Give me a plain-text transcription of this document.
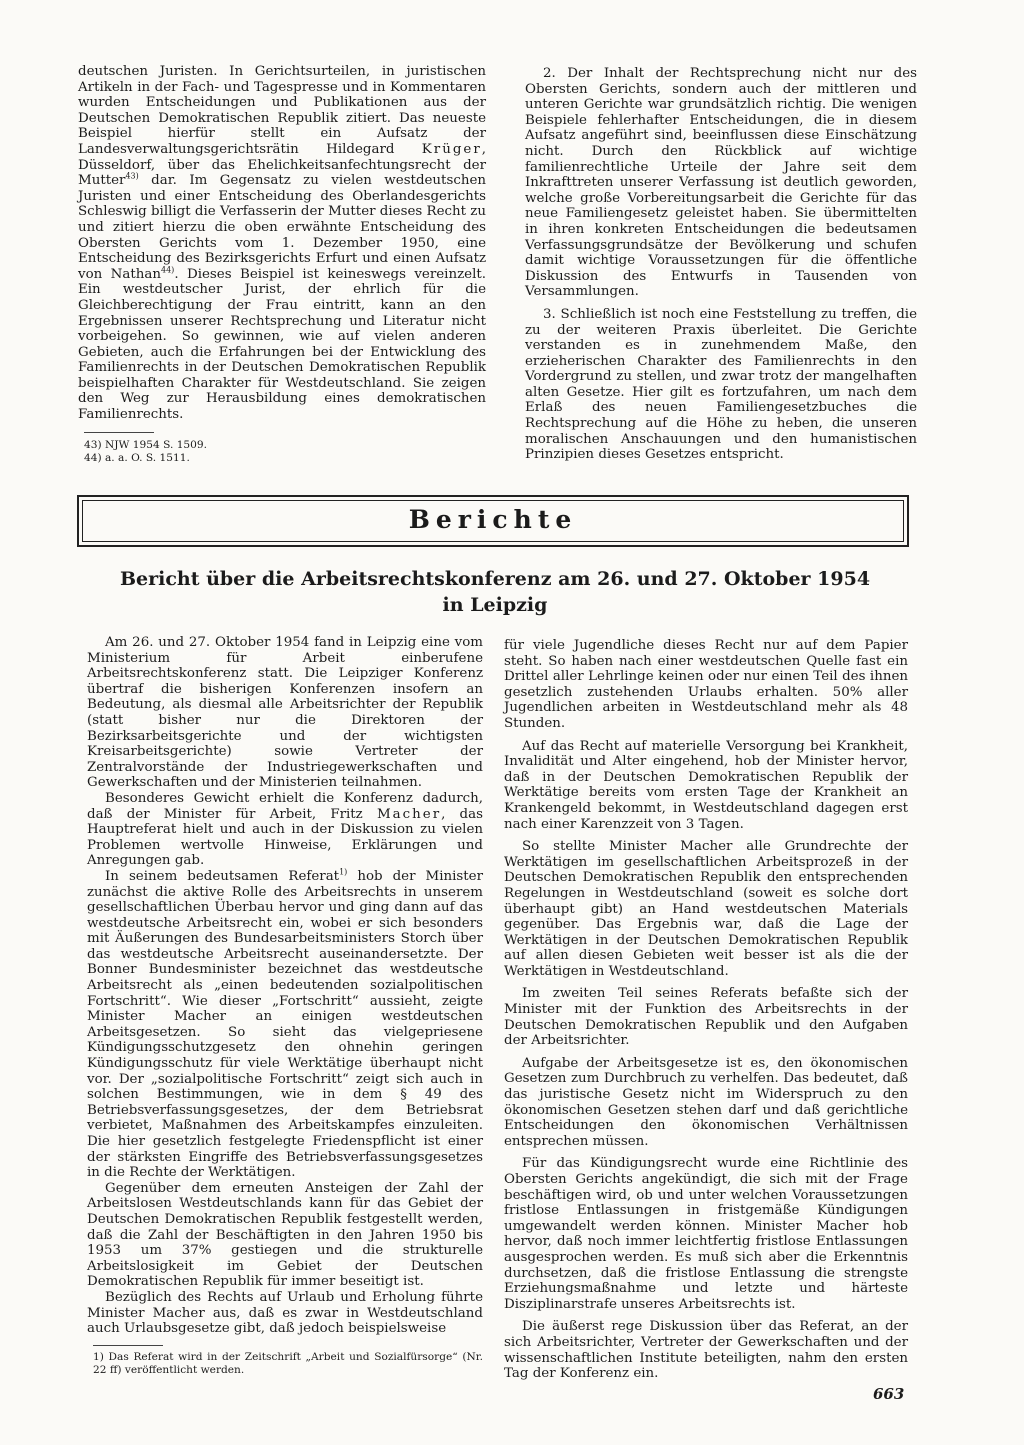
deutschen Juristen. In Gerichtsurteilen, in juristischen Artikeln in der Fach- und Tagespresse und in Kommentaren wurden Entscheidungen und Publikationen aus der Deutschen Demokratischen Republik zitiert. Das neueste Beispiel hierfür stellt ein Aufsatz der Landesverwaltungsgerichtsrätin Hildegard Krüger, Düsseldorf, über das Ehelichkeitsanfechtungsrecht der Mutter$^{43)}$ dar. Im Gegensatz zu vielen westdeutschen Juristen und einer Entscheidung des Oberlandesgerichts Schleswig billigt die Verfasserin der Mutter dieses Recht zu und zitiert hierzu die oben erwähnte Entscheidung des Obersten Gerichts vom 1. Dezember 1950, eine Entscheidung des Bezirksgerichts Erfurt und einen Aufsatz von Nathan$^{44)}$. Dieses Beispiel ist keineswegs vereinzelt. Ein westdeutscher Jurist, der ehrlich für die Gleichberechtigung der Frau eintritt, kann an den Ergebnissen unserer Rechtsprechung und Literatur nicht vorbeigehen. So gewinnen, wie auf vielen anderen Gebieten, auch die Erfahrungen bei der Entwicklung des Familienrechts in der Deutschen Demokratischen Republik beispielhaften Charakter für Westdeutschland. Sie zeigen den Weg zur Herausbildung eines demokratischen Familienrechts.

43) NJW 1954 S. 1509.

44) a. a. O. S. 1511.

2. Der Inhalt der Rechtsprechung nicht nur des Obersten Gerichts, sondern auch der mittleren und unteren Gerichte war grundsätzlich richtig. Die wenigen Beispiele fehlerhafter Entscheidungen, die in diesem Aufsatz angeführt sind, beeinflussen diese Einschätzung nicht. Durch den Rückblick auf wichtige familienrechtliche Urteile der Jahre seit dem Inkrafttreten unserer Verfassung ist deutlich geworden, welche große Vorbereitungsarbeit die Gerichte für das neue Familiengesetz geleistet haben. Sie übermittelten in ihren konkreten Entscheidungen die bedeutsamen Verfassungsgrundsätze der Bevölkerung und schufen damit wichtige Voraussetzungen für die öffentliche Diskussion des Entwurfs in Tausenden von Versammlungen.

3. Schließlich ist noch eine Feststellung zu treffen, die zu der weiteren Praxis überleitet. Die Gerichte verstanden es in zunehmendem Maße, den erzieherischen Charakter des Familienrechts in den Vordergrund zu stellen, und zwar trotz der mangelhaften alten Gesetze. Hier gilt es fortzufahren, um nach dem Erlaß des neuen Familiengesetzbuches die Rechtsprechung auf die Höhe zu heben, die unseren moralischen Anschauungen und den humanistischen Prinzipien dieses Gesetzes entspricht.

Berichte
Bericht über die Arbeitsrechtskonferenz am 26. und 27. Oktober 1954
in Leipzig

Am 26. und 27. Oktober 1954 fand in Leipzig eine vom Ministerium für Arbeit einberufene Arbeitsrechtskonferenz statt. Die Leipziger Konferenz übertraf die bisherigen Konferenzen insofern an Bedeutung, als diesmal alle Arbeitsrichter der Republik (statt bisher nur die Direktoren der Bezirksarbeitsgerichte und der wichtigsten Kreisarbeitsgerichte) sowie Vertreter der Zentralvorstände der Industriegewerkschaften und Gewerkschaften und der Ministerien teilnahmen.

Besonderes Gewicht erhielt die Konferenz dadurch, daß der Minister für Arbeit, Fritz Macher, das Hauptreferat hielt und auch in der Diskussion zu vielen Problemen wertvolle Hinweise, Erklärungen und Anregungen gab.

In seinem bedeutsamen Referat$^{1)}$ hob der Minister zunächst die aktive Rolle des Arbeitsrechts in unserem gesellschaftlichen Überbau hervor und ging dann auf das westdeutsche Arbeitsrecht ein, wobei er sich besonders mit Äußerungen des Bundesarbeitsministers Storch über das westdeutsche Arbeitsrecht auseinandersetzte. Der Bonner Bundesminister bezeichnet das westdeutsche Arbeitsrecht als „einen bedeutenden sozialpolitischen Fortschritt“. Wie dieser „Fortschritt“ aussieht, zeigte Minister Macher an einigen westdeutschen Arbeitsgesetzen. So sieht das vielgepriesene Kündigungsschutzgesetz den ohnehin geringen Kündigungsschutz für viele Werktätige überhaupt nicht vor. Der „sozialpolitische Fortschritt“ zeigt sich auch in solchen Bestimmungen, wie in dem § 49 des Betriebsverfassungsgesetzes, der dem Betriebsrat verbietet, Maßnahmen des Arbeitskampfes einzuleiten. Die hier gesetzlich festgelegte Friedenspflicht ist einer der stärksten Eingriffe des Betriebsverfassungsgesetzes in die Rechte der Werktätigen.

Gegenüber dem erneuten Ansteigen der Zahl der Arbeitslosen Westdeutschlands kann für das Gebiet der Deutschen Demokratischen Republik festgestellt werden, daß die Zahl der Beschäftigten in den Jahren 1950 bis 1953 um 37% gestiegen und die strukturelle Arbeitslosigkeit im Gebiet der Deutschen Demokratischen Republik für immer beseitigt ist.

Bezüglich des Rechts auf Urlaub und Erholung führte Minister Macher aus, daß es zwar in Westdeutschland auch Urlaubsgesetze gibt, daß jedoch beispielsweise

1) Das Referat wird in der Zeitschrift „Arbeit und Sozialfürsorge“ (Nr. 22 ff) veröffentlicht werden.

für viele Jugendliche dieses Recht nur auf dem Papier steht. So haben nach einer westdeutschen Quelle fast ein Drittel aller Lehrlinge keinen oder nur einen Teil des ihnen gesetzlich zustehenden Urlaubs erhalten. 50% aller Jugendlichen arbeiten in Westdeutschland mehr als 48 Stunden.

Auf das Recht auf materielle Versorgung bei Krankheit, Invalidität und Alter eingehend, hob der Minister hervor, daß in der Deutschen Demokratischen Republik der Werktätige bereits vom ersten Tage der Krankheit an Krankengeld bekommt, in Westdeutschland dagegen erst nach einer Karenzzeit von 3 Tagen.

So stellte Minister Macher alle Grundrechte der Werktätigen im gesellschaftlichen Arbeitsprozeß in der Deutschen Demokratischen Republik den entsprechenden Regelungen in Westdeutschland (soweit es solche dort überhaupt gibt) an Hand westdeutschen Materials gegenüber. Das Ergebnis war, daß die Lage der Werktätigen in der Deutschen Demokratischen Republik auf allen diesen Gebieten weit besser ist als die der Werktätigen in Westdeutschland.

Im zweiten Teil seines Referats befaßte sich der Minister mit der Funktion des Arbeitsrechts in der Deutschen Demokratischen Republik und den Aufgaben der Arbeitsrichter.

Aufgabe der Arbeitsgesetze ist es, den ökonomischen Gesetzen zum Durchbruch zu verhelfen. Das bedeutet, daß das juristische Gesetz nicht im Widerspruch zu den ökonomischen Gesetzen stehen darf und daß gerichtliche Entscheidungen den ökonomischen Verhältnissen entsprechen müssen.

Für das Kündigungsrecht wurde eine Richtlinie des Obersten Gerichts angekündigt, die sich mit der Frage beschäftigen wird, ob und unter welchen Voraussetzungen fristlose Entlassungen in fristgemäße Kündigungen umgewandelt werden können. Minister Macher hob hervor, daß noch immer leichtfertig fristlose Entlassungen ausgesprochen werden. Es muß sich aber die Erkenntnis durchsetzen, daß die fristlose Entlassung die strengste Erziehungsmaßnahme und letzte und härteste Disziplinarstrafe unseres Arbeitsrechts ist.

Die äußerst rege Diskussion über das Referat, an der sich Arbeitsrichter, Vertreter der Gewerkschaften und der wissenschaftlichen Institute beteiligten, nahm den ersten Tag der Konferenz ein.

663
